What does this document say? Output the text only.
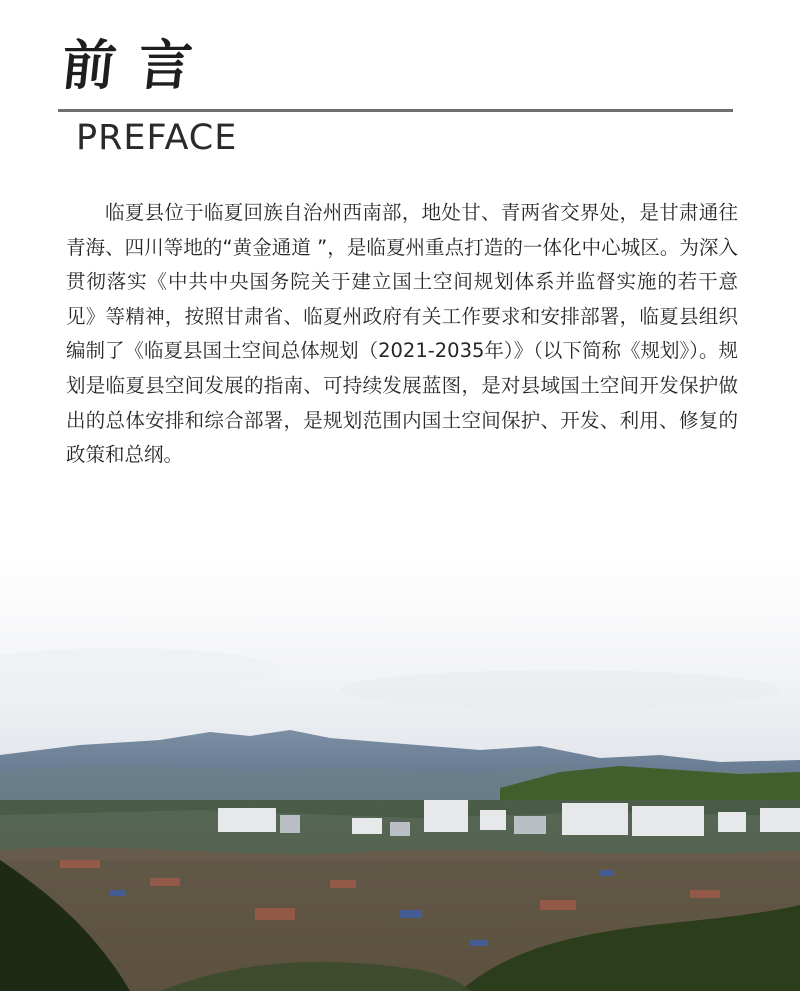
前言
PREFACE

临夏县位于临夏回族自治州西南部，地处甘、青两省交界处，是甘肃通往青海、四川等地的“黄金通道 ”，是临夏州重点打造的一体化中心城区。为深入贯彻落实《中共中央国务院关于建立国土空间规划体系并监督实施的若干意见》等精神，按照甘肃省、临夏州政府有关工作要求和安排部署，临夏县组织编制了《临夏县国土空间总体规划（2021-2035年）》（以下简称《规划》）。规划是临夏县空间发展的指南、可持续发展蓝图，是对县域国土空间开发保护做出的总体安排和综合部署，是规划范围内国土空间保护、开发、利用、修复的政策和总纲。
